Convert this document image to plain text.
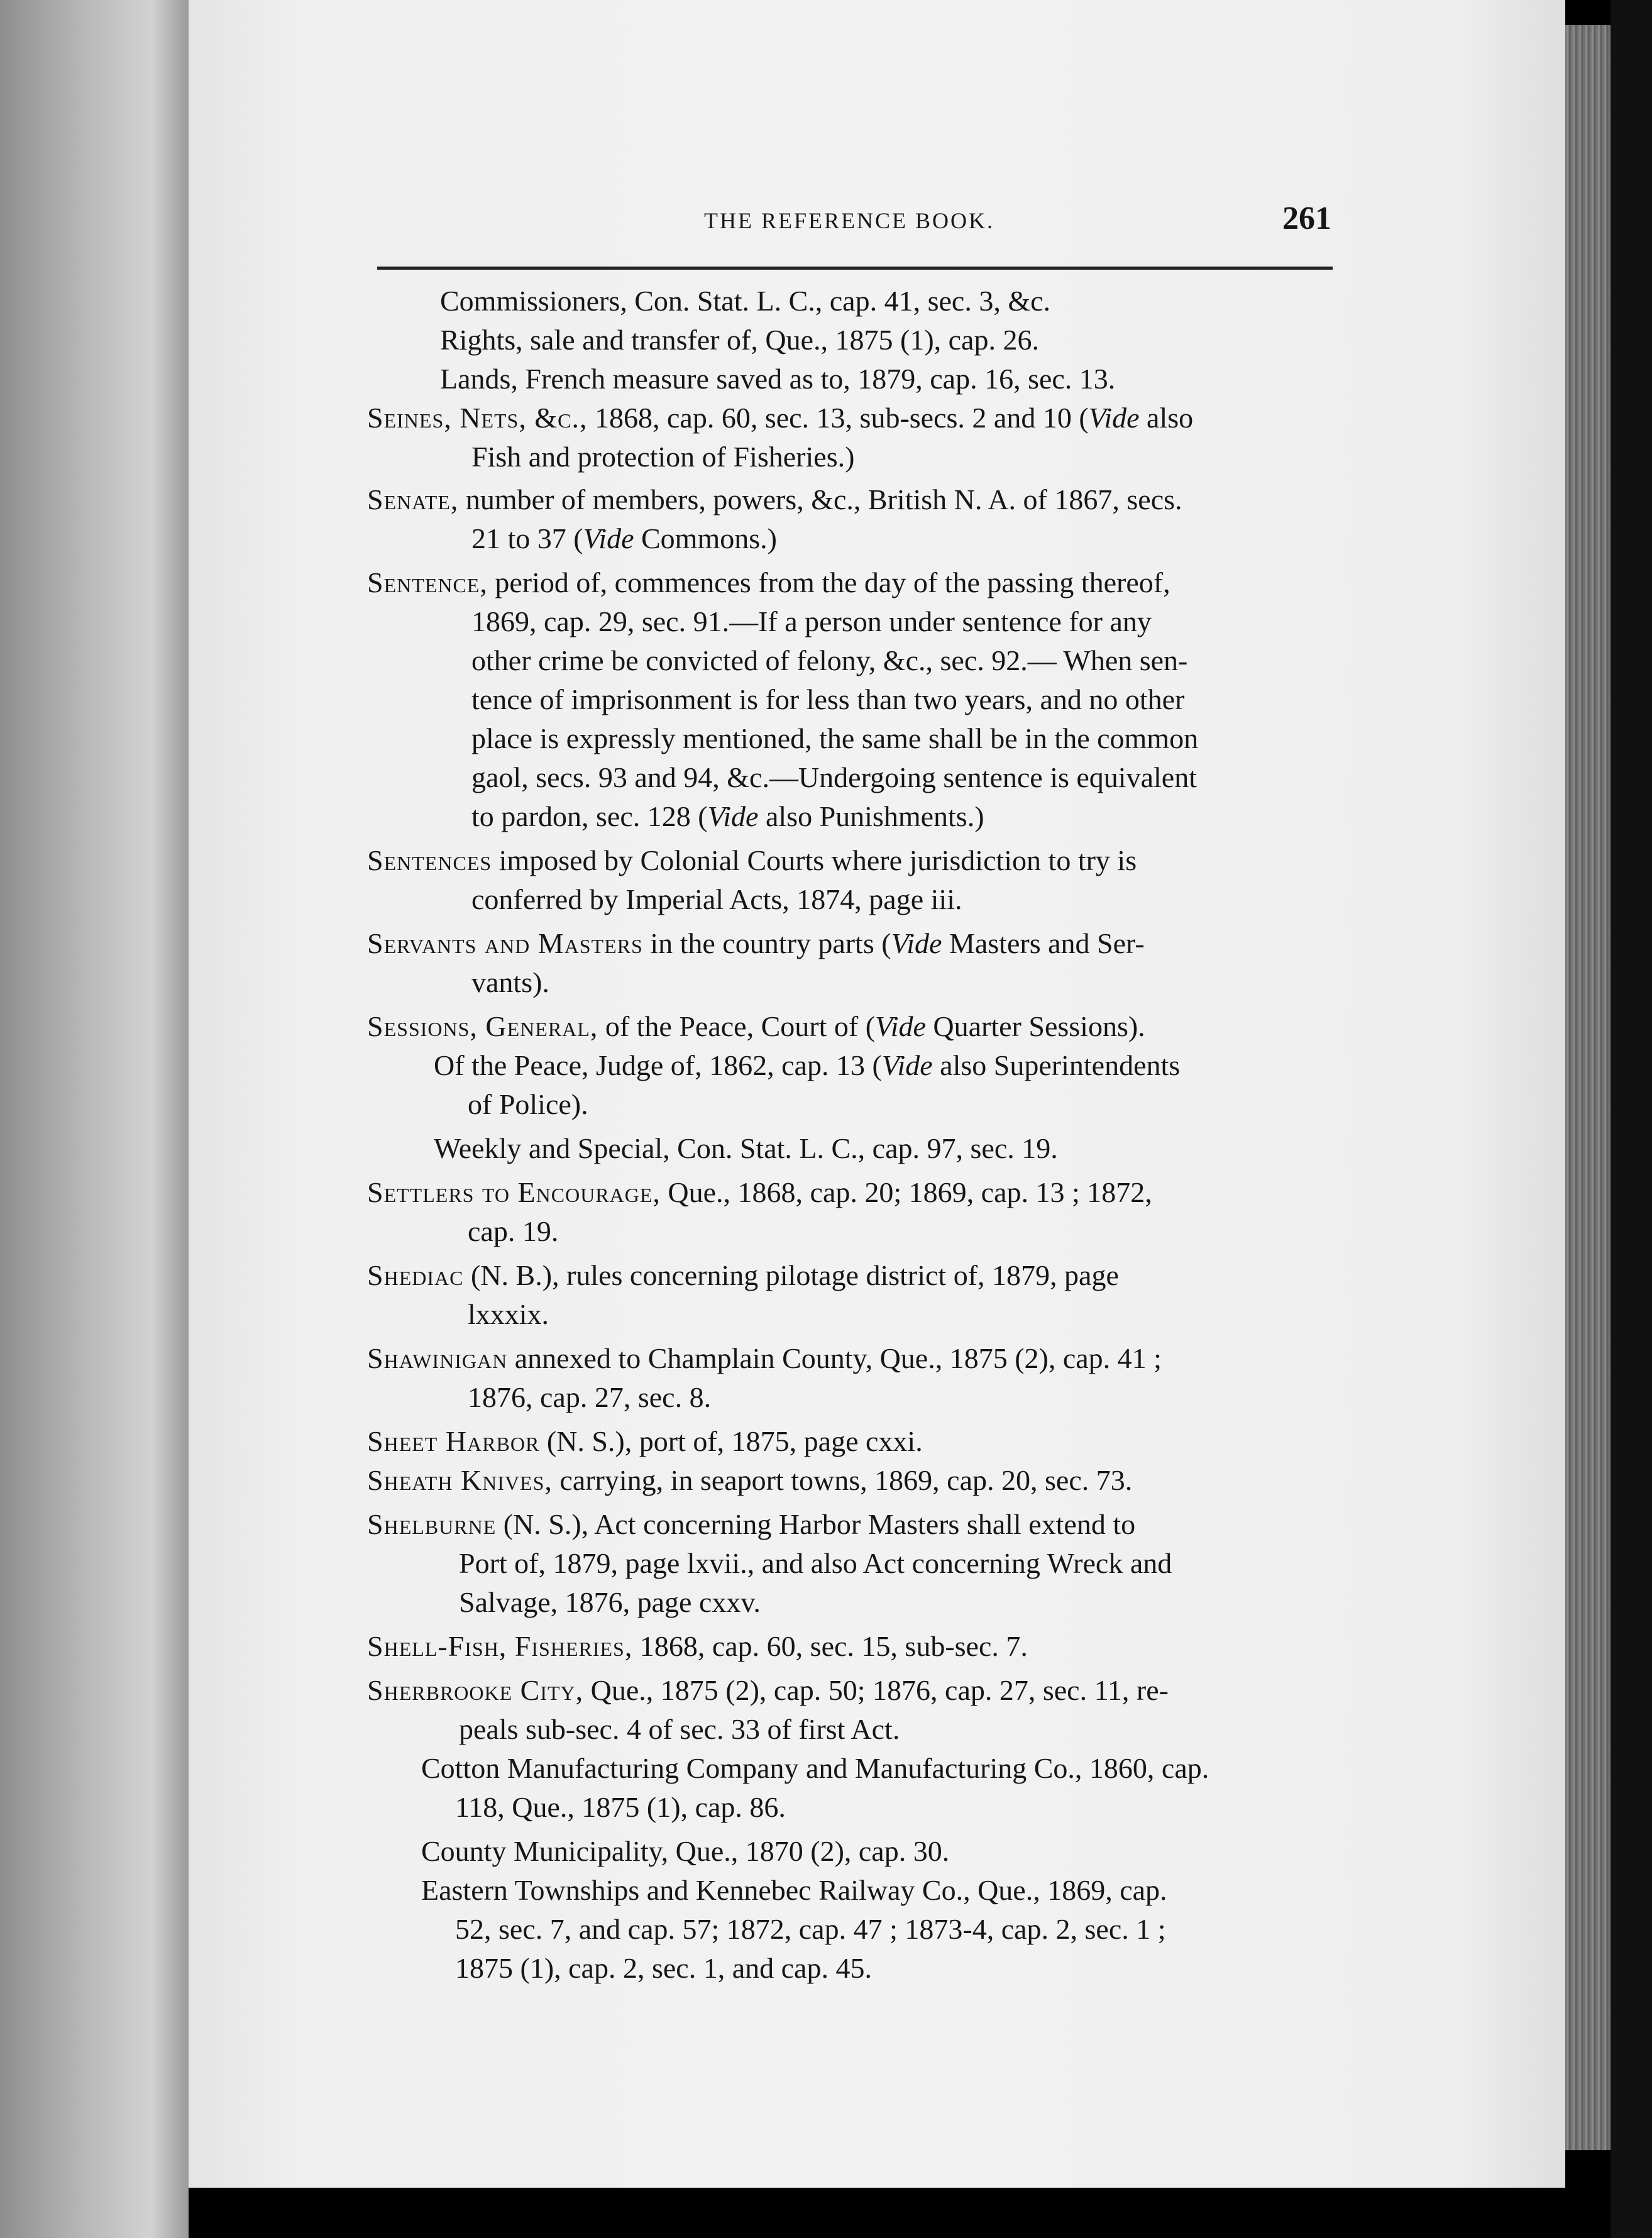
THE REFERENCE BOOK.	261
Commissioners, Con. Stat. L. C., cap. 41, sec. 3, &c.
Rights, sale and transfer of, Que., 1875 (1), cap. 26.
Lands, French measure saved as to, 1879, cap. 16, sec. 13.
Seines, Nets, &c., 1868, cap. 60, sec. 13, sub-secs. 2 and 10 (Vide also
Fish and protection of Fisheries.)
Senate, number of members, powers, &c., British N. A. of 1867, secs.
21 to 37 (Vide Commons.)
Sentence, period of, commences from the day of the passing thereof,
1869, cap. 29, sec. 91.—If a person under sentence for any
other crime be convicted of felony, &c., sec. 92.— When sen-
tence of imprisonment is for less than two years, and no other
place is expressly mentioned, the same shall be in the common
gaol, secs. 93 and 94, &c.—Undergoing sentence is equivalent
to pardon, sec. 128 (Vide also Punishments.)
Sentences imposed by Colonial Courts where jurisdiction to try is
conferred by Imperial Acts, 1874, page iii.
Servants and Masters in the country parts (Vide Masters and Ser-
vants).
Sessions, General, of the Peace, Court of (Vide Quarter Sessions).
Of the Peace, Judge of, 1862, cap. 13 (Vide also Superintendents
of Police).
Weekly and Special, Con. Stat. L. C., cap. 97, sec. 19.
Settlers to Encourage, Que., 1868, cap. 20; 1869, cap. 13 ; 1872,
cap. 19.
Shediac (N. B.), rules concerning pilotage district of, 1879, page
lxxxix.
Shawinigan annexed to Champlain County, Que., 1875 (2), cap. 41 ;
1876, cap. 27, sec. 8.
Sheet Harbor (N. S.), port of, 1875, page cxxi.
Sheath Knives, carrying, in seaport towns, 1869, cap. 20, sec. 73.
Shelburne (N. S.), Act concerning Harbor Masters shall extend to
Port of, 1879, page lxvii., and also Act concerning Wreck and
Salvage, 1876, page cxxv.
Shell-Fish, Fisheries, 1868, cap. 60, sec. 15, sub-sec. 7.
Sherbrooke City, Que., 1875 (2), cap. 50; 1876, cap. 27, sec. 11, re-
peals sub-sec. 4 of sec. 33 of first Act.
Cotton Manufacturing Company and Manufacturing Co., 1860, cap.
118, Que., 1875 (1), cap. 86.
County Municipality, Que., 1870 (2), cap. 30.
Eastern Townships and Kennebec Railway Co., Que., 1869, cap.
52, sec. 7, and cap. 57; 1872, cap. 47 ; 1873-4, cap. 2, sec. 1 ;
1875 (1), cap. 2, sec. 1, and cap. 45.
